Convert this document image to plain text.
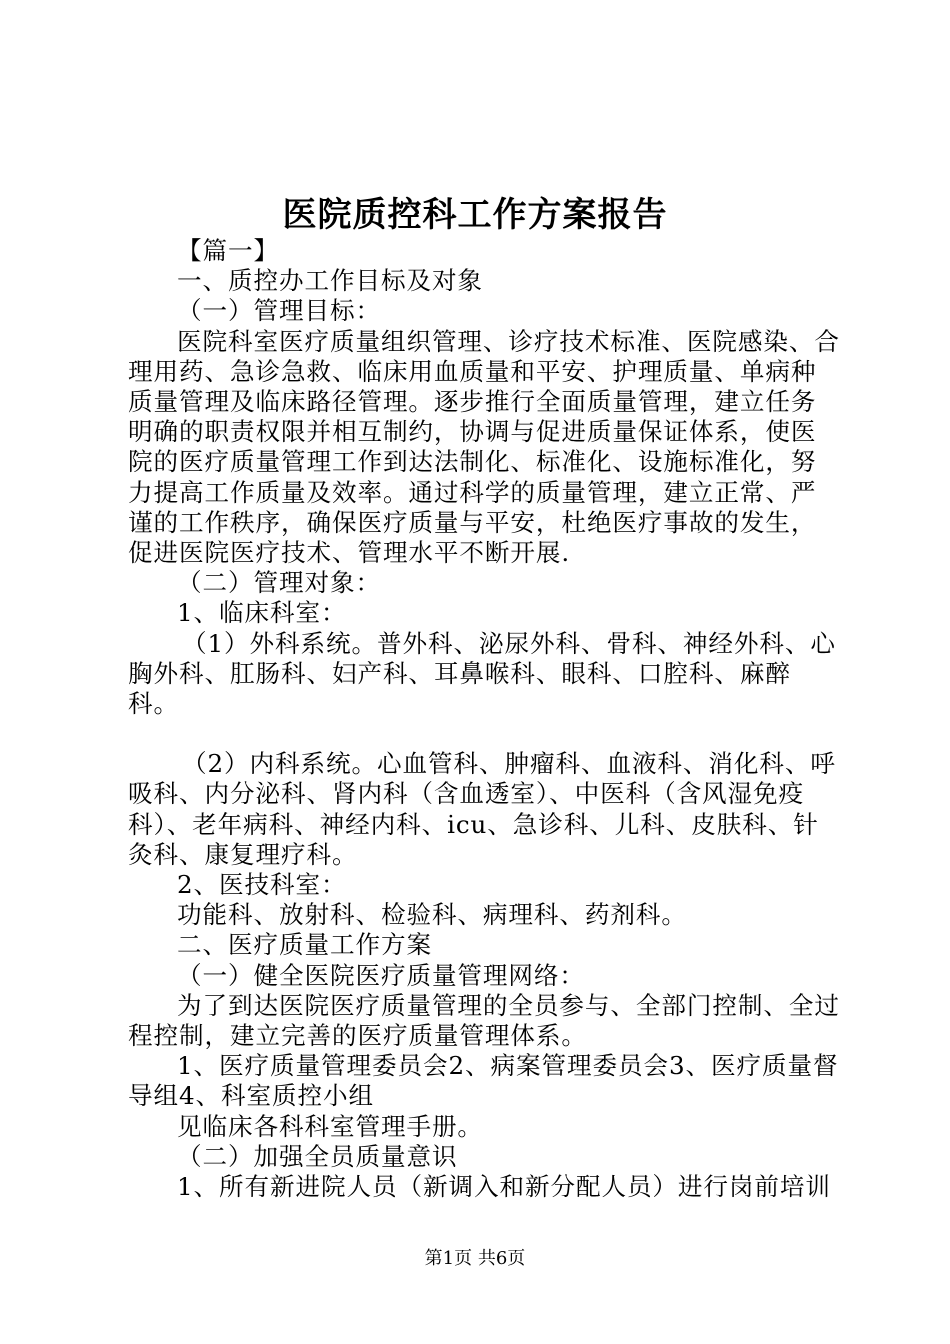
医院质控科工作方案报告

【篇一】

一、质控办工作目标及对象

（一）管理目标：

医院科室医疗质量组织管理、诊疗技术标准、医院感染、合理用药、急诊急救、临床用血质量和平安、护理质量、单病种质量管理及临床路径管理。逐步推行全面质量管理，建立任务明确的职责权限并相互制约，协调与促进质量保证体系，使医院的医疗质量管理工作到达法制化、标准化、设施标准化，努力提高工作质量及效率。通过科学的质量管理，建立正常、严谨的工作秩序，确保医疗质量与平安，杜绝医疗事故的发生，促进医院医疗技术、管理水平不断开展.

（二）管理对象：

1、临床科室：

（1）外科系统。普外科、泌尿外科、骨科、神经外科、心胸外科、肛肠科、妇产科、耳鼻喉科、眼科、口腔科、麻醉科。

（2）内科系统。心血管科、肿瘤科、血液科、消化科、呼吸科、内分泌科、肾内科（含血透室）、中医科（含风湿免疫科）、老年病科、神经内科、icu、急诊科、儿科、皮肤科、针灸科、康复理疗科。

2、医技科室：

功能科、放射科、检验科、病理科、药剂科。

二、医疗质量工作方案

（一）健全医院医疗质量管理网络：

为了到达医院医疗质量管理的全员参与、全部门控制、全过程控制，建立完善的医疗质量管理体系。

1、医疗质量管理委员会2、病案管理委员会3、医疗质量督导组4、科室质控小组

见临床各科科室管理手册。

（二）加强全员质量意识

1、所有新进院人员（新调入和新分配人员）进行岗前培训

第1页 共6页
